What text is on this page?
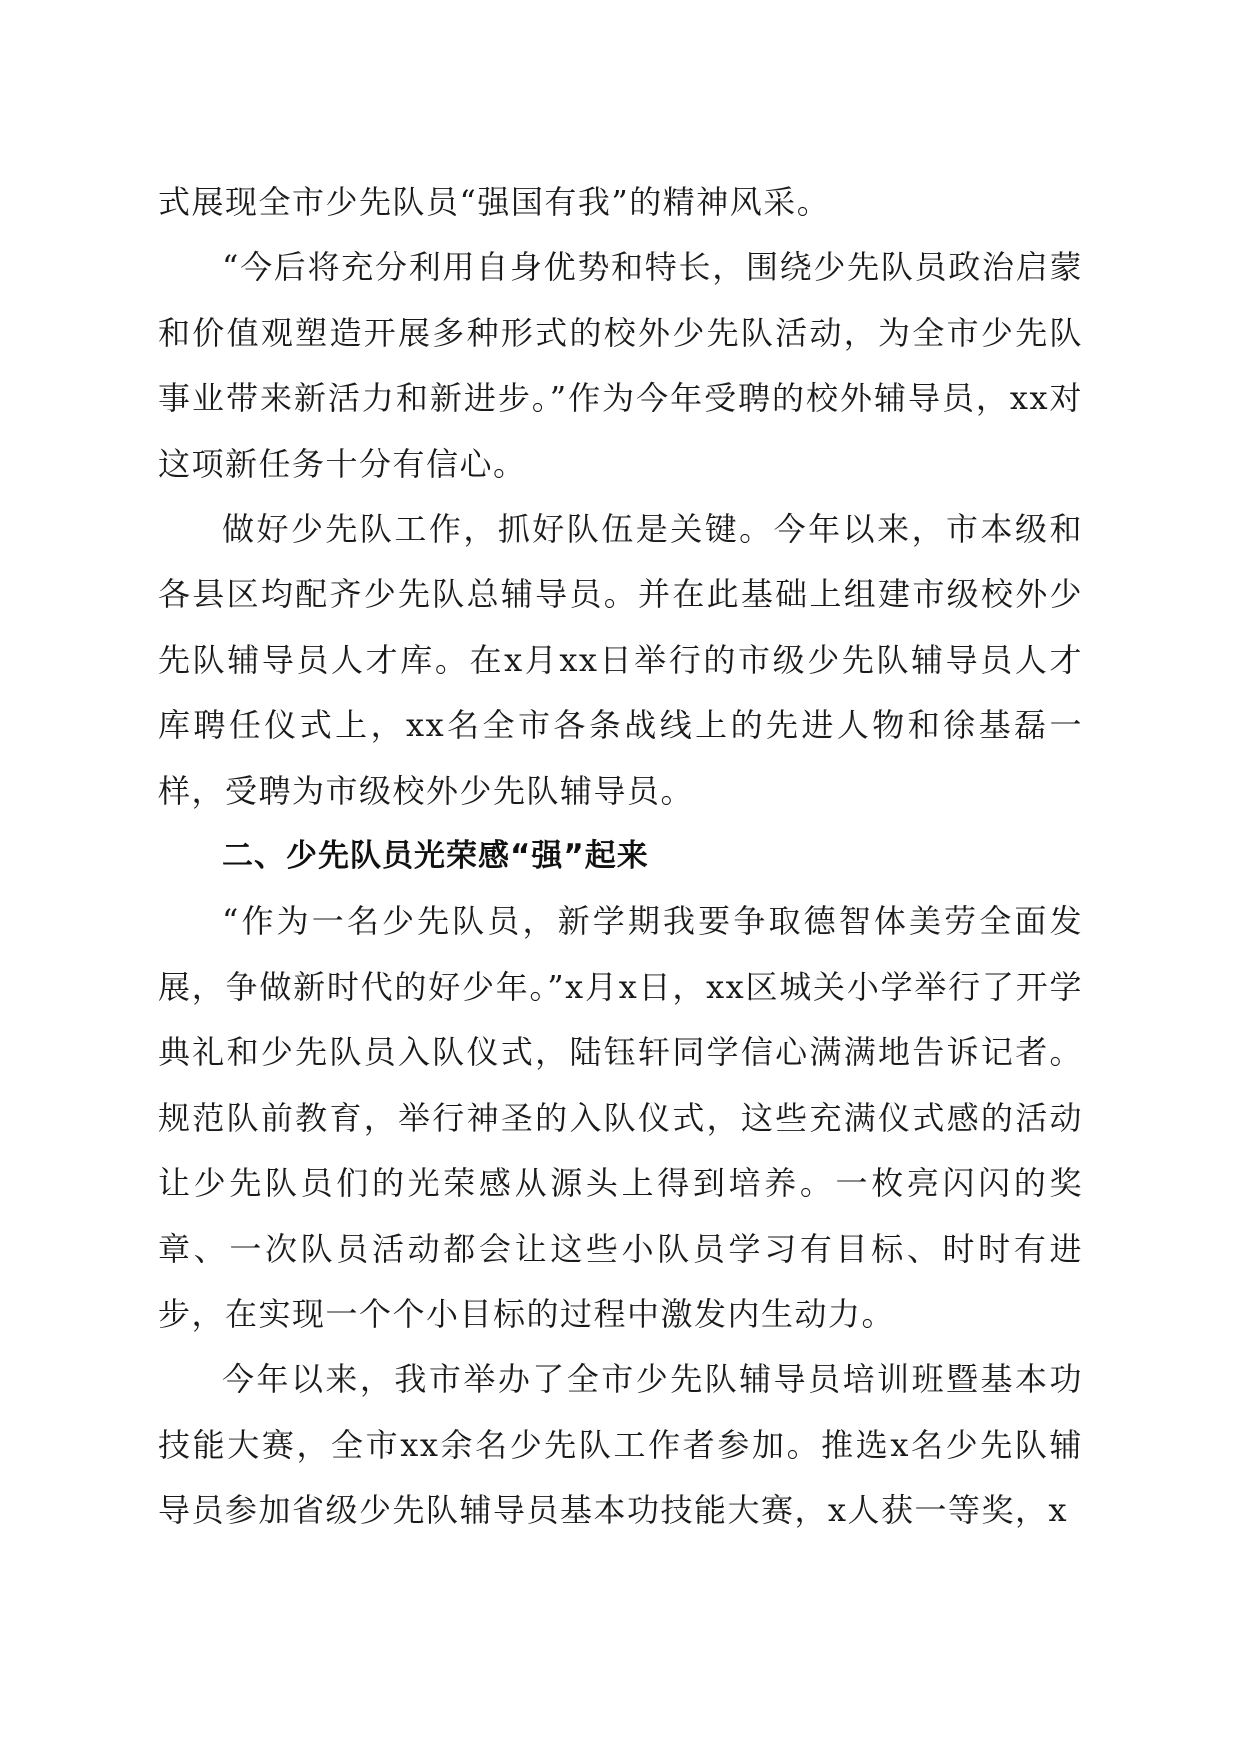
式展现全市少先队员“强国有我”的精神风采。

“今后将充分利用自身优势和特长，围绕少先队员政治启蒙和价值观塑造开展多种形式的校外少先队活动，为全市少先队事业带来新活力和新进步。”作为今年受聘的校外辅导员，xx对这项新任务十分有信心。

做好少先队工作，抓好队伍是关键。今年以来，市本级和各县区均配齐少先队总辅导员。并在此基础上组建市级校外少先队辅导员人才库。在x月xx日举行的市级少先队辅导员人才库聘任仪式上，xx名全市各条战线上的先进人物和徐基磊一样，受聘为市级校外少先队辅导员。

二、少先队员光荣感“强”起来

“作为一名少先队员，新学期我要争取德智体美劳全面发展，争做新时代的好少年。”x月x日，xx区城关小学举行了开学典礼和少先队员入队仪式，陆钰轩同学信心满满地告诉记者。规范队前教育，举行神圣的入队仪式，这些充满仪式感的活动让少先队员们的光荣感从源头上得到培养。一枚亮闪闪的奖章、一次队员活动都会让这些小队员学习有目标、时时有进步，在实现一个个小目标的过程中激发内生动力。

今年以来，我市举办了全市少先队辅导员培训班暨基本功技能大赛，全市xx余名少先队工作者参加。推选x名少先队辅导员参加省级少先队辅导员基本功技能大赛，x人获一等奖，x
